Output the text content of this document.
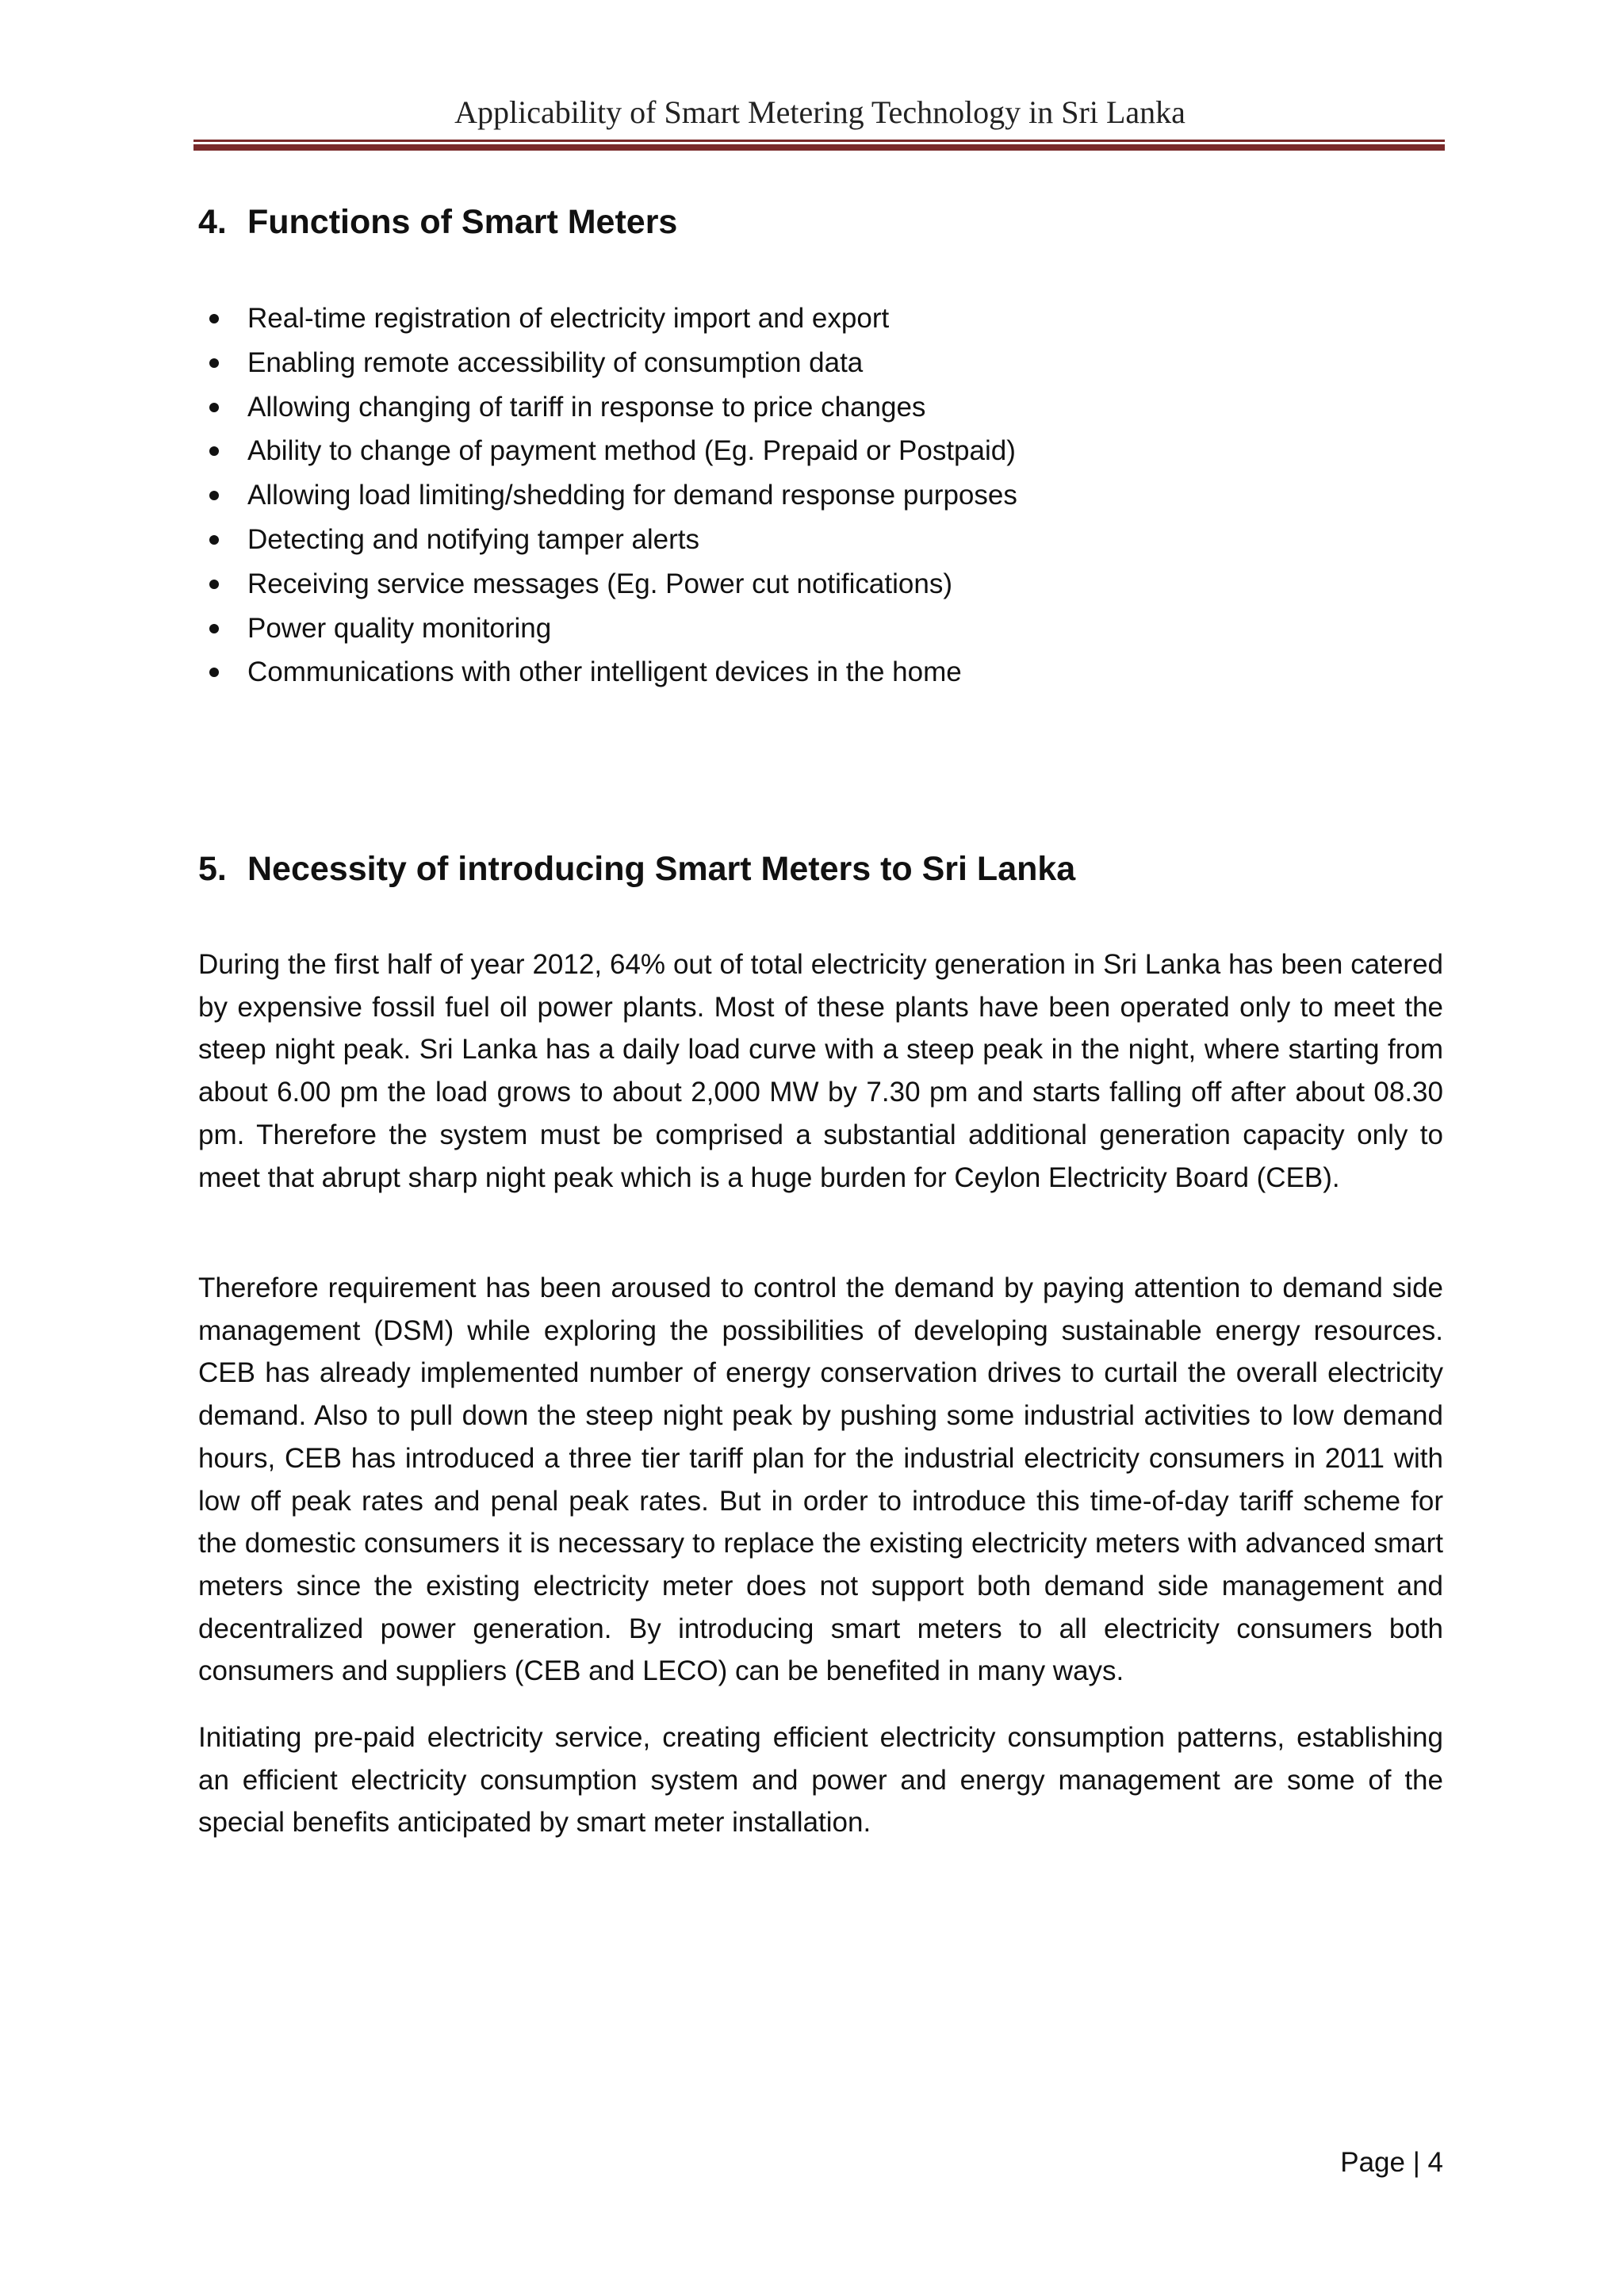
Applicability of Smart Metering Technology in Sri Lanka
4. Functions of Smart Meters
Real-time registration of electricity import and export
Enabling remote accessibility of consumption data
Allowing changing of tariff in response to price changes
Ability to change of payment method (Eg. Prepaid or Postpaid)
Allowing load limiting/shedding for demand response purposes
Detecting and notifying tamper alerts
Receiving service messages (Eg. Power cut notifications)
Power quality monitoring
Communications with other intelligent devices in the home
5. Necessity of introducing Smart Meters to Sri Lanka

During the first half of year 2012, 64% out of total electricity generation in Sri Lanka has been catered by expensive fossil fuel oil power plants. Most of these plants have been operated only to meet the steep night peak. Sri Lanka has a daily load curve with a steep peak in the night, where starting from about 6.00 pm the load grows to about 2,000 MW by 7.30 pm and starts falling off after about 08.30 pm. Therefore the system must be comprised a substantial additional generation capacity only to meet that abrupt sharp night peak which is a huge burden for Ceylon Electricity Board (CEB).

Therefore requirement has been aroused to control the demand by paying attention to demand side management (DSM) while exploring the possibilities of developing sustainable energy resources. CEB has already implemented number of energy conservation drives to curtail the overall electricity demand. Also to pull down the steep night peak by pushing some industrial activities to low demand hours, CEB has introduced a three tier tariff plan for the industrial electricity consumers in 2011 with low off peak rates and penal peak rates. But in order to introduce this time-of-day tariff scheme for the domestic consumers it is necessary to replace the existing electricity meters with advanced smart meters since the existing electricity meter does not support both demand side management and decentralized power generation. By introducing smart meters to all electricity consumers both consumers and suppliers (CEB and LECO) can be benefited in many ways.

Initiating pre-paid electricity service, creating efficient electricity consumption patterns, establishing an efficient electricity consumption system and power and energy management are some of the special benefits anticipated by smart meter installation.

Page | 4
